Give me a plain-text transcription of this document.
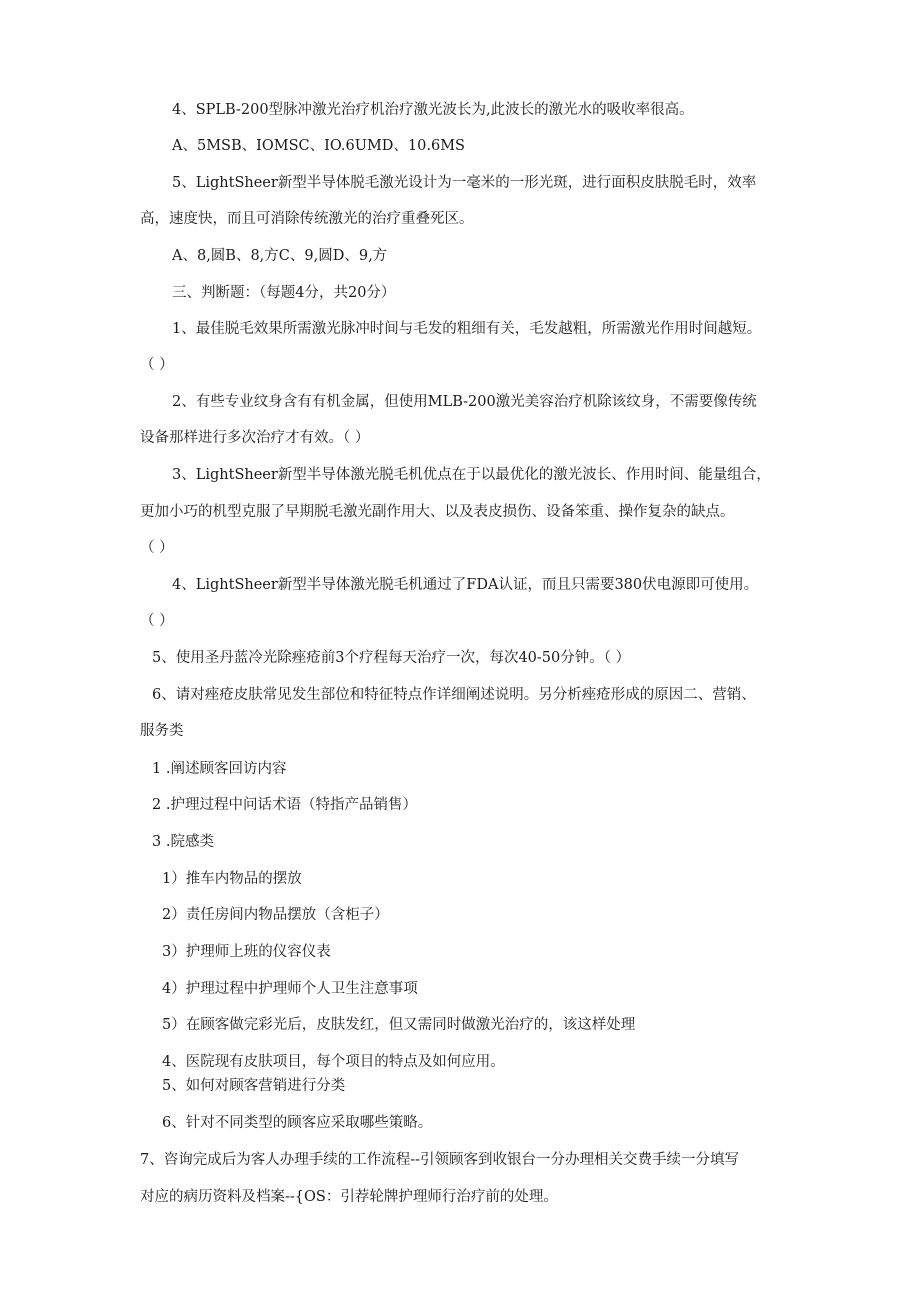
4、SPLB-200型脉冲激光治疗机治疗激光波长为,此波长的激光水的吸收率很高。
A、5MSB、IOMSC、IO.6UMD、10.6MS
5、LightSheer新型半导体脱毛激光设计为一毫米的一形光斑，进行面积皮肤脱毛时，效率
高，速度快，而且可消除传统激光的治疗重叠死区。
A、8,圆B、8,方C、9,圆D、9,方
三、判断题：（每题4分，共20分）
1、最佳脱毛效果所需激光脉冲时间与毛发的粗细有关，毛发越粗，所需激光作用时间越短。
（ ）
2、有些专业纹身含有有机金属，但使用MLB-200激光美容治疗机除该纹身，不需要像传统
设备那样进行多次治疗才有效。（ ）
3、LightSheer新型半导体激光脱毛机优点在于以最优化的激光波长、作用时间、能量组合，
更加小巧的机型克服了早期脱毛激光副作用大、以及表皮损伤、设备笨重、操作复杂的缺点。
（ ）
4、LightSheer新型半导体激光脱毛机通过了FDA认证，而且只需要380伏电源即可使用。
（ ）
5、使用圣丹蓝冷光除痤疮前3个疗程每天治疗一次，每次40-50分钟。（ ）
6、请对痤疮皮肤常见发生部位和特征特点作详细阐述说明。另分析痤疮形成的原因二、营销、
服务类
1 .阐述顾客回访内容
2 .护理过程中问话术语（特指产品销售）
3 .院感类
1）推车内物品的摆放
2）责任房间内物品摆放（含柜子）
3）护理师上班的仪容仪表
4）护理过程中护理师个人卫生注意事项
5）在顾客做完彩光后，皮肤发红，但又需同时做激光治疗的，该这样处理
4、医院现有皮肤项目，每个项目的特点及如何应用。
5、如何对顾客营销进行分类
6、针对不同类型的顾客应采取哪些策略。
7、咨询完成后为客人办理手续的工作流程--引领顾客到收银台一分办理相关交费手续一分填写
对应的病历资料及档案--{OS：引荐轮牌护理师行治疗前的处理。
